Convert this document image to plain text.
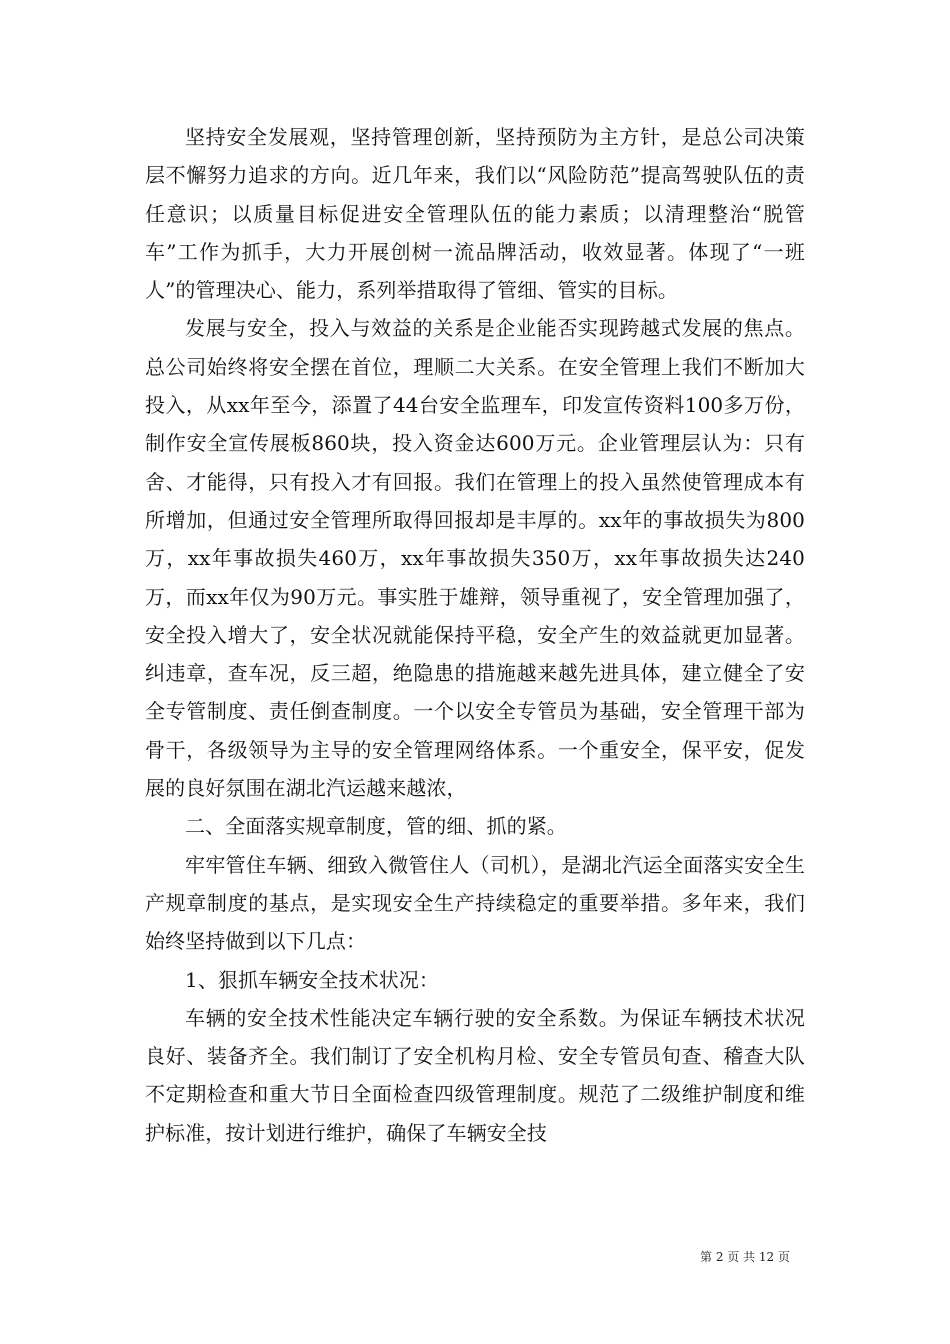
坚持安全发展观，坚持管理创新，坚持预防为主方针，是总公司决策层不懈努力追求的方向。近几年来，我们以“风险防范”提高驾驶队伍的责任意识；以质量目标促进安全管理队伍的能力素质；以清理整治“脱管车”工作为抓手，大力开展创树一流品牌活动，收效显著。体现了“一班人”的管理决心、能力，系列举措取得了管细、管实的目标。

发展与安全，投入与效益的关系是企业能否实现跨越式发展的焦点。总公司始终将安全摆在首位，理顺二大关系。在安全管理上我们不断加大投入，从xx年至今，添置了44台安全监理车，印发宣传资料100多万份，制作安全宣传展板860块，投入资金达600万元。企业管理层认为：只有舍、才能得，只有投入才有回报。我们在管理上的投入虽然使管理成本有所增加，但通过安全管理所取得回报却是丰厚的。xx年的事故损失为800万，xx年事故损失460万，xx年事故损失350万，xx年事故损失达240万，而xx年仅为90万元。事实胜于雄辩，领导重视了，安全管理加强了，安全投入增大了，安全状况就能保持平稳，安全产生的效益就更加显著。纠违章，查车况，反三超，绝隐患的措施越来越先进具体，建立健全了安全专管制度、责任倒查制度。一个以安全专管员为基础，安全管理干部为骨干，各级领导为主导的安全管理网络体系。一个重安全，保平安，促发展的良好氛围在湖北汽运越来越浓，

二、全面落实规章制度，管的细、抓的紧。

牢牢管住车辆、细致入微管住人（司机），是湖北汽运全面落实安全生产规章制度的基点，是实现安全生产持续稳定的重要举措。多年来，我们始终坚持做到以下几点：

1、狠抓车辆安全技术状况：

车辆的安全技术性能决定车辆行驶的安全系数。为保证车辆技术状况良好、装备齐全。我们制订了安全机构月检、安全专管员旬查、稽查大队不定期检查和重大节日全面检查四级管理制度。规范了二级维护制度和维护标准，按计划进行维护，确保了车辆安全技

第 2 页 共 12 页
